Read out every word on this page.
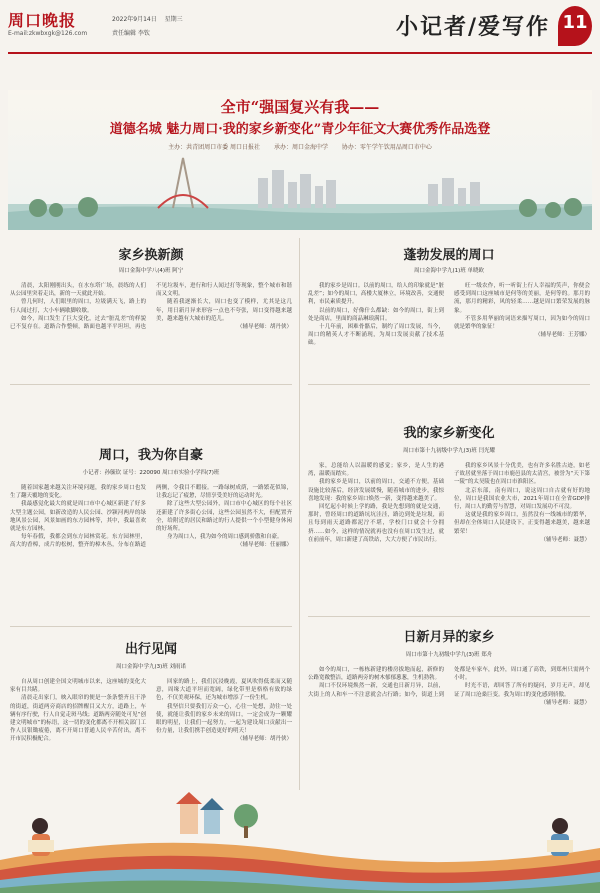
周口晚报
E-mail:zkwbxgk@126.com
2022年9月14日 星期三
责任编辑 李钦	小记者/爱写作 11
全市“强国复兴有我——
道德名城 魅力周口·我的家乡新变化”青少年征文大赛优秀作品选登
主办：共青团周口市委 周口日报社 承办：周口金海中学 协办：零午学午饮用品周口市中心
家乡换新颜
周口金海中学八(4)班 阿宁

清晨，太阳刚刚出头，在水东塔广场，晨练的人们从公园里突着走出，新的一天就此开始。

曾几何时，人们眼里的周口，垃圾满天飞，路上的行人闻过打，大小车辆歇脚收歇。

如今，周口发生了巨大变化，过去“脏乱差”的样貌已不复存在。道路合作整顿，路面也越平平坦坦，再也不见垃圾车，进行和行人闻过打等现象，整个城市和谐而又文明。

随着我逐渐长大，周口也变了模样，尤其是这几年，用日新月异来形容一点也不夸张，周口变得越来越美，越来越有大城市的范儿。

（辅导老师：胡丹侠）
周口，我为你自豪
小记者：孙毓钦 证号：220090 周口市实验小学四(7)班

随着国家越来越关注环境问题，我的家乡周口也发生了翻天覆地的变化。

我最感觉化最大的就是周口市中心城区新建了好多大型主题公园，如新改造的人民公园、沙颍河两岸的绿地风景公园，风景如画的东方园林等，其中，我最喜欢就是东方园林。

每年春假，我都会到东方园林赏花。东方园林里，高大的香樟，成片的松树，整齐的樟木丛，分布在路道两侧，令我目不暇接。一路绿树成荫，一路繁花似锦，让我忘记了疲惫，尽情享受美好的运动时光。

除了这些大型公园外，周口市中心城区的每个社区还新建了许多街心公园，这些公园虽然不大，但配置齐全，给附近的居民和路过的行人提供一个小型健身休闲的好场所。

身为周口人，我为如今的周口感到骄傲和自豪。

（辅导老师：任丽娜）
出行见闻
周口金海中学九(3)班 刘雨诺

自从周口创建全国文明城市以来，这座城的变化大家有目共睹。

清晨走出家门，映入眼帘的便是一条条整齐且干净的街道，街道两旁商店的招牌醒目又大方，道路上，车辆有序行驶，行人自觉走斑马线；道路两旁随处可见“创建文明城市”的标语，这一切的变化都离不开相关部门工作人员银锄疲倦，离不开周口普通人民辛苦付出，离不开市民积极配合。

回家的路上，我们沉浸晚霞，夏风吹得低柔而又随意，周缘大道平坦而宽阔，绿化带里是格格有致的绿色，不仅美观环保，还为城市增添了一份生机。

我坚信只要我们万众一心，心往一处想，劲往一处使，就能让我们的家乡未来的周口，一定会成为一颗耀眼的明星，让我们一起努力，一起为建设周口贡献出一份力量，让我们携手创造更好的明天！

（辅导老师：胡丹侠）
蓬勃发展的周口
周口金海中学九(1)班 单晓欧

我的家乡是周口。以前的周口，给人的印象就是“脏乱差”；如今的周口，高楼大厦林立，环境改善，交通便利，市民素质提升。

以前的周口，好像什么都缺：如今的周口，街上到处是商店，里面的商品琳琅满目。

十几年前，困难骨骼后，制约了周口发展，当今，周口的精英人才不断涌现，为周口发展贡献了技术基础。

旺一级农作，听一听街上行人幸福的笑声，你便会感受到周口这座城市是何等的美丽，是何等的。那月的流，那月的精彩，风的轻柔……越是周口繁荣发展的脉象。

不管多用华丽的词语来描写周口，因为如今的周口就是繁华的象征！

（辅导老师：王芳娜）
我的家乡新变化
周口市第十九初级中学九(3)班 闫光耀

家，总能给人以温暖的感觉；家乡，是人生的港湾，温暖而踏实。

我的家乡是周口，以前的周口，交通不方便，基础设施比较落后，经济发展缓慢，随着城市的进步，我惊喜地发现：我的家乡周口焕然一新，变得越来越美了。

回忆起小时候上学的路，我是先想到的就是交通，那时，曾经周口的道路坑坑洼洼，路边到处是垃圾，而且每到雨天道路都泥泞不堪，学校门口就会十分拥挤……如今，这样的情况就再也没有在周口发生过，就在前前年，周口新建了高铁站，大大方便了市民出行。

我的家乡风景十分优美，也有许多名胜古迹，如老子故居就坐落于周口市鹿邑县的太清宫，被誉为“天下第一陵”的太昊陵也在周口市淮阳区。

北京东部，南有周口，说这周口自古就有好的地位，周口是我国农业大市，2021年周口在全省GDP排行，周口人的勤劳与智慧，对周口发展功不可没。

这就是我的家乡周口，虽然没有一线城市的繁华，但却在全体周口人民建设下，正变得越来越美，越来越繁荣！

（辅导老师：聂慧）
日新月异的家乡
周口市第十九初级中学九(3)班 郑舟

如今的周口，一栋栋新建的楼房拔地而起，新修的公路宽敞整洁，道路两旁的树木郁郁葱葱，生机勃勃。

周口不仅环境焕然一新，交通也日新月异，以前，大街上的人和车一不注意就会占行路；如今，街道上到处都是车家车，此外，周口通了高铁，到郑州只需两个小时。

时光不语，却回答了所有的疑问，岁月无声，却见证了周口沧桑巨变。我为周口的变化感到骄傲。

（辅导老师：聂慧）
